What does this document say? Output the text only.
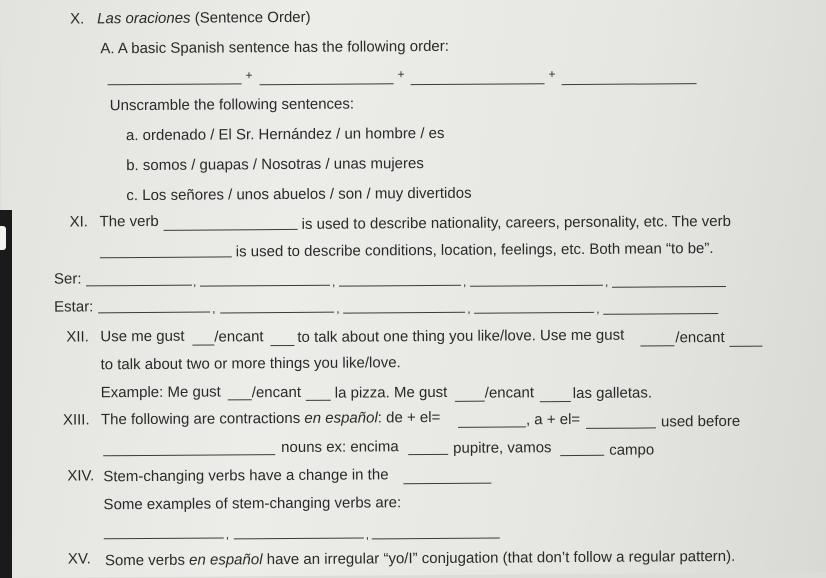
X. Las oraciones (Sentence Order)
A. A basic Spanish sentence has the following order:
+	+	+
Unscramble the following sentences:
a. ordenado / El Sr. Hernández / un hombre / es
b. somos / guapas / Nosotras / unas mujeres
c. Los señores / unos abuelos / son / muy divertidos
XI. The verb	is used to describe nationality, careers, personality, etc. The verb
is used to describe conditions, location, feelings, etc. Both mean “to be”.
Ser:	,	,	,	,
Estar:	,	,	,	,
XII. Use me gust /encant to talk about one thing you like/love. Use me gust	/encant
to talk about two or more things you like/love.
Example: Me gust /encant la pizza. Me gust /encant	las galletas.
XIII. The following are contractions en español: de + el=	, a + el=	used before
nouns ex: encima	pupitre, vamos	campo
XIV. Stem-changing verbs have a change in the
Some examples of stem-changing verbs are:
,	,
XV. Some verbs en español have an irregular “yo/I” conjugation (that don’t follow a regular pattern).
